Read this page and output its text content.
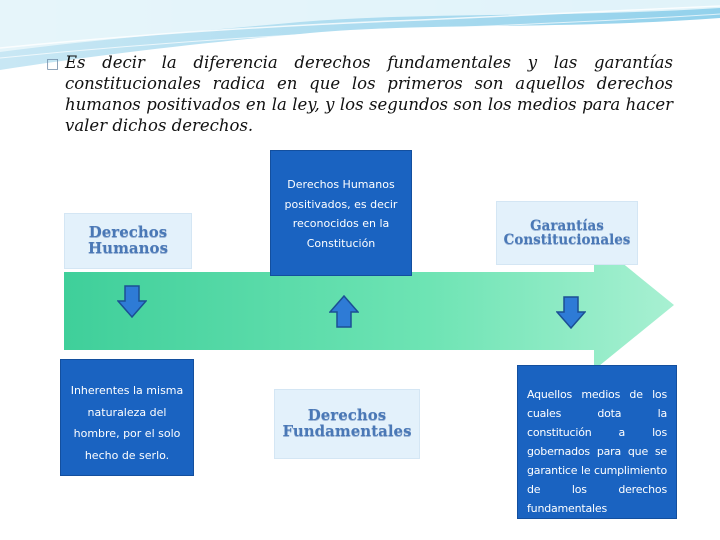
□ Es decir la diferencia derechos fundamentales y las garantías constitucionales radica en que los primeros son aquellos derechos humanos positivados en la ley, y los segundos son los medios para hacer valer dichos derechos.
Derechos
Humanos
Garantías
Constitucionales
Derechos
Fundamentales
Derechos Humanos positivados, es decir reconocidos en la Constitución
Inherentes la misma naturaleza del hombre, por el solo hecho de serlo.
Aquellos medios de los cuales dota la constitución a los gobernados para que se garantice le cumplimiento de los derechos fundamentales
